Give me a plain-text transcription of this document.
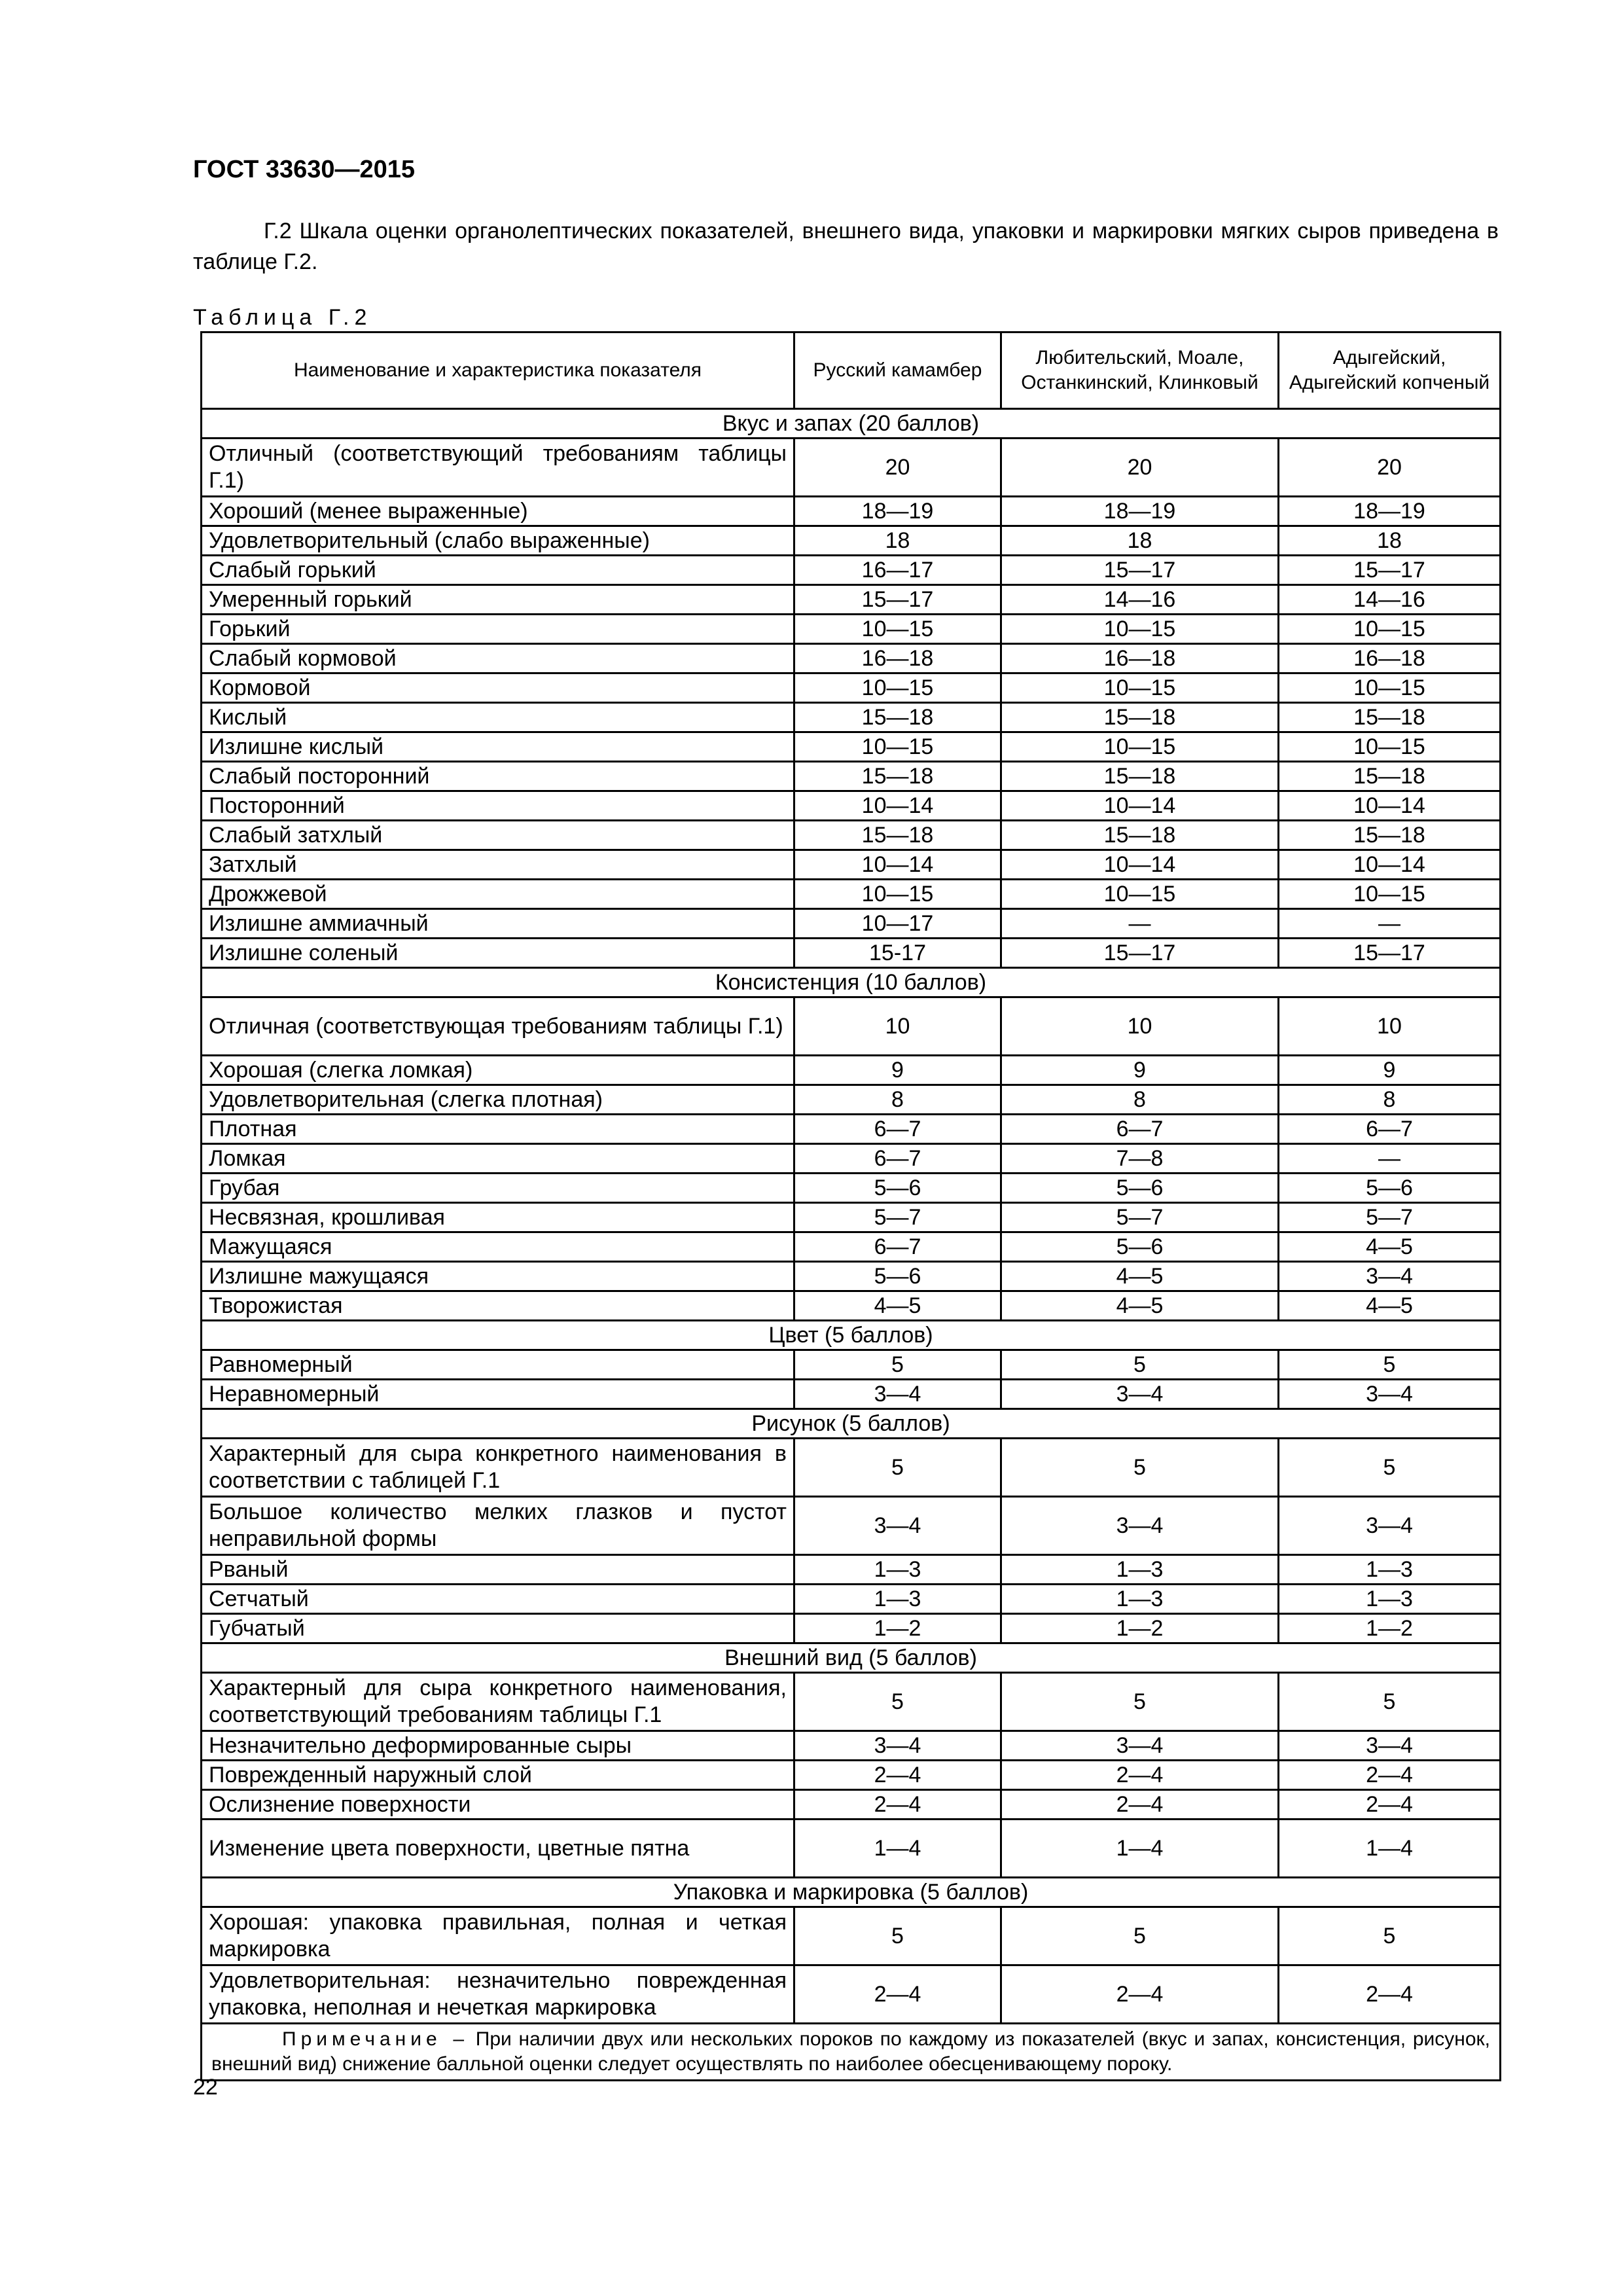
ГОСТ 33630—2015
Г.2 Шкала оценки органолептических показателей, внешнего вида, упаковки и маркировки мягких сыров приведена в таблице Г.2.
Таблица Г.2
Наименование и характеристика показателя	Русский камамбер	Любительский, Моале, Останкинский, Клинковый	Адыгейский, Адыгейский копченый
Вкус и запах (20 баллов)			
Отличный (соответствующий требованиям таблицы Г.1)	20	20	20
Хороший (менее выраженные)	18—19	18—19	18—19
Удовлетворительный (слабо выраженные)	18	18	18
Слабый горький	16—17	15—17	15—17
Умеренный горький	15—17	14—16	14—16
Горький	10—15	10—15	10—15
Слабый кормовой	16—18	16—18	16—18
Кормовой	10—15	10—15	10—15
Кислый	15—18	15—18	15—18
Излишне кислый	10—15	10—15	10—15
Слабый посторонний	15—18	15—18	15—18
Посторонний	10—14	10—14	10—14
Слабый затхлый	15—18	15—18	15—18
Затхлый	10—14	10—14	10—14
Дрожжевой	10—15	10—15	10—15
Излишне аммиачный	10—17	—	—
Излишне соленый	15-17	15—17	15—17
Консистенция (10 баллов)			
Отличная (соответствующая требованиям таблицы Г.1)	10	10	10
Хорошая (слегка ломкая)	9	9	9
Удовлетворительная (слегка плотная)	8	8	8
Плотная	6—7	6—7	6—7
Ломкая	6—7	7—8	—
Грубая	5—6	5—6	5—6
Несвязная, крошливая	5—7	5—7	5—7
Мажущаяся	6—7	5—6	4—5
Излишне мажущаяся	5—6	4—5	3—4
Творожистая	4—5	4—5	4—5
Цвет (5 баллов)			
Равномерный	5	5	5
Неравномерный	3—4	3—4	3—4
Рисунок (5 баллов)			
Характерный для сыра конкретного наименования в соответствии с таблицей Г.1	5	5	5
Большое количество мелких глазков и пустот неправильной формы	3—4	3—4	3—4
Рваный	1—3	1—3	1—3
Сетчатый	1—3	1—3	1—3
Губчатый	1—2	1—2	1—2
Внешний вид (5 баллов)			
Характерный для сыра конкретного наименования, соответствующий требованиям таблицы Г.1	5	5	5
Незначительно деформированные сыры	3—4	3—4	3—4
Поврежденный наружный слой	2—4	2—4	2—4
Ослизнение поверхности	2—4	2—4	2—4
Изменение цвета поверхности, цветные пятна	1—4	1—4	1—4
Упаковка и маркировка (5 баллов)			
Хорошая: упаковка правильная, полная и четкая маркировка	5	5	5
Удовлетворительная: незначительно поврежденная упаковка, неполная и нечеткая маркировка	2—4	2—4	2—4
Примечание – При наличии двух или нескольких пороков по каждому из показателей (вкус и запах, консистенция, рисунок, внешний вид) снижение балльной оценки следует осуществлять по наиболее обесценивающему пороку.			
22
